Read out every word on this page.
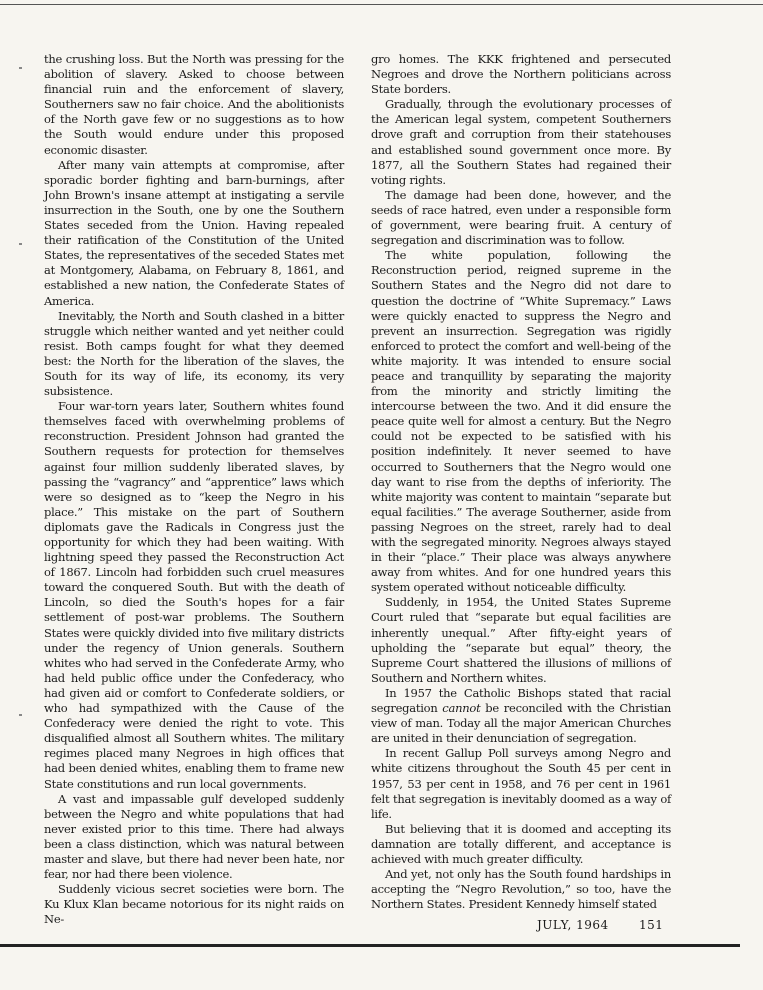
the crushing loss. But the North was pressing for the abolition of slavery. Asked to choose between financial ruin and the enforcement of slavery, Southerners saw no fair choice. And the abolitionists of the North gave few or no suggestions as to how the South would endure under this proposed economic disaster.

After many vain attempts at compromise, after sporadic border fighting and barn-burnings, after John Brown's insane attempt at instigating a servile insurrection in the South, one by one the Southern States seceded from the Union. Having repealed their ratification of the Constitution of the United States, the representatives of the seceded States met at Montgomery, Alabama, on February 8, 1861, and established a new nation, the Confederate States of America.

Inevitably, the North and South clashed in a bitter struggle which neither wanted and yet neither could resist. Both camps fought for what they deemed best: the North for the liberation of the slaves, the South for its way of life, its economy, its very subsistence.

Four war-torn years later, Southern whites found themselves faced with overwhelming problems of reconstruction. President Johnson had granted the Southern requests for protection for themselves against four million suddenly liberated slaves, by passing the “vagrancy” and “apprentice” laws which were so designed as to “keep the Negro in his place.” This mistake on the part of Southern diplomats gave the Radicals in Congress just the opportunity for which they had been waiting. With lightning speed they passed the Reconstruction Act of 1867. Lincoln had forbidden such cruel measures toward the conquered South. But with the death of Lincoln, so died the South's hopes for a fair settlement of post-war problems. The Southern States were quickly divided into five military districts under the regency of Union generals. Southern whites who had served in the Confederate Army, who had held public office under the Confederacy, who had given aid or comfort to Confederate soldiers, or who had sympathized with the Cause of the Confederacy were denied the right to vote. This disqualified almost all Southern whites. The military regimes placed many Negroes in high offices that had been denied whites, enabling them to frame new State constitutions and run local governments.

A vast and impassable gulf developed suddenly between the Negro and white populations that had never existed prior to this time. There had always been a class distinction, which was natural between master and slave, but there had never been hate, nor fear, nor had there been violence.

Suddenly vicious secret societies were born. The Ku Klux Klan became notorious for its night raids on Ne-

gro homes. The KKK frightened and persecuted Negroes and drove the Northern politicians across State borders.

Gradually, through the evolutionary processes of the American legal system, competent Southerners drove graft and corruption from their statehouses and established sound government once more. By 1877, all the Southern States had regained their voting rights.

The damage had been done, however, and the seeds of race hatred, even under a responsible form of government, were bearing fruit. A century of segregation and discrimination was to follow.

The white population, following the Reconstruction period, reigned supreme in the Southern States and the Negro did not dare to question the doctrine of “White Supremacy.” Laws were quickly enacted to suppress the Negro and prevent an insurrection. Segregation was rigidly enforced to protect the comfort and well-being of the white majority. It was intended to ensure social peace and tranquillity by separating the majority from the minority and strictly limiting the intercourse between the two. And it did ensure the peace quite well for almost a century. But the Negro could not be expected to be satisfied with his position indefinitely. It never seemed to have occurred to Southerners that the Negro would one day want to rise from the depths of inferiority. The white majority was content to maintain “separate but equal facilities.” The average Southerner, aside from passing Negroes on the street, rarely had to deal with the segregated minority. Negroes always stayed in their “place.” Their place was always anywhere away from whites. And for one hundred years this system operated without noticeable difficulty.

Suddenly, in 1954, the United States Supreme Court ruled that “separate but equal facilities are inherently unequal.” After fifty-eight years of upholding the “separate but equal” theory, the Supreme Court shattered the illusions of millions of Southern and Northern whites.

In 1957 the Catholic Bishops stated that racial segregation cannot be reconciled with the Christian view of man. Today all the major American Churches are united in their denunciation of segregation.

In recent Gallup Poll surveys among Negro and white citizens throughout the South 45 per cent in 1957, 53 per cent in 1958, and 76 per cent in 1961 felt that segregation is inevitably doomed as a way of life.

But believing that it is doomed and accepting its damnation are totally different, and acceptance is achieved with much greater difficulty.

And yet, not only has the South found hardships in accepting the “Negro Revolution,” so too, have the Northern States. President Kennedy himself stated

JULY, 1964	151
